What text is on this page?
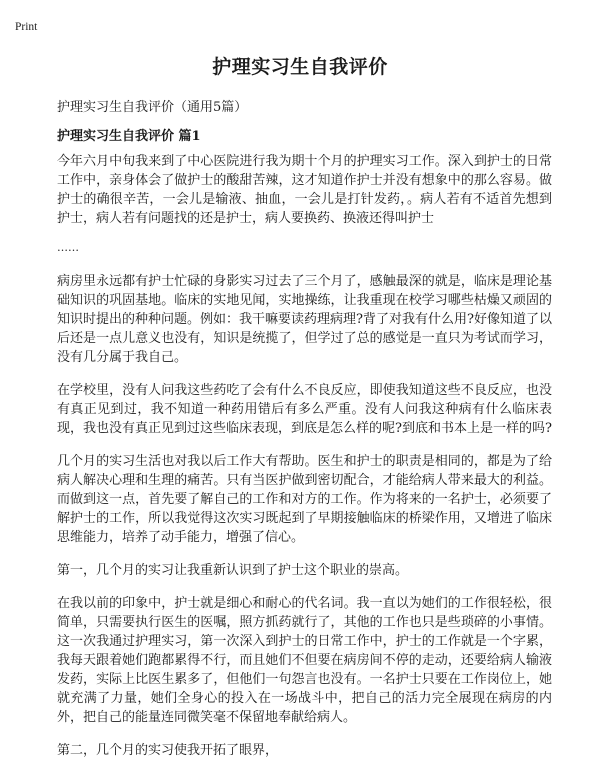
Print
护理实习生自我评价
护理实习生自我评价（通用5篇）
护理实习生自我评价 篇1

今年六月中旬我来到了中心医院进行我为期十个月的护理实习工作。深入到护士的日常工作中，亲身体会了做护士的酸甜苦辣，这才知道作护士并没有想象中的那么容易。做护士的确很辛苦，一会儿是输液、抽血，一会儿是打针发药，。病人若有不适首先想到护士，病人若有问题找的还是护士，病人要换药、换液还得叫护士

……

病房里永远都有护士忙碌的身影实习过去了三个月了，感触最深的就是，临床是理论基础知识的巩固基地。临床的实地见闻，实地操练，让我重现在校学习哪些枯燥又顽固的知识时提出的种种问题。例如：我干嘛要读药理病理?背了对我有什么用?好像知道了以后还是一点儿意义也没有，知识是统揽了，但学过了总的感觉是一直只为考试而学习，没有几分属于我自己。

在学校里，没有人问我这些药吃了会有什么不良反应，即使我知道这些不良反应，也没有真正见到过，我不知道一种药用错后有多么严重。没有人问我这种病有什么临床表现，我也没有真正见到过这些临床表现，到底是怎么样的呢?到底和书本上是一样的吗?

几个月的实习生活也对我以后工作大有帮助。医生和护士的职责是相同的，都是为了给病人解决心理和生理的痛苦。只有当医护做到密切配合，才能给病人带来最大的利益。而做到这一点，首先要了解自己的工作和对方的工作。作为将来的一名护士，必须要了解护士的工作，所以我觉得这次实习既起到了早期接触临床的桥梁作用，又增进了临床思维能力，培养了动手能力，增强了信心。

第一，几个月的实习让我重新认识到了护士这个职业的崇高。

在我以前的印象中，护士就是细心和耐心的代名词。我一直以为她们的工作很轻松，很简单，只需要执行医生的医嘱，照方抓药就行了，其他的工作也只是些琐碎的小事情。这一次我通过护理实习，第一次深入到护士的日常工作中，护士的工作就是一个字累，我每天跟着她们跑都累得不行，而且她们不但要在病房间不停的走动，还要给病人输液发药，实际上比医生累多了，但他们一句怨言也没有。一名护士只要在工作岗位上，她就充满了力量，她们全身心的投入在一场战斗中，把自己的活力完全展现在病房的内外，把自己的能量连同微笑毫不保留地奉献给病人。

第二，几个月的实习使我开拓了眼界，
